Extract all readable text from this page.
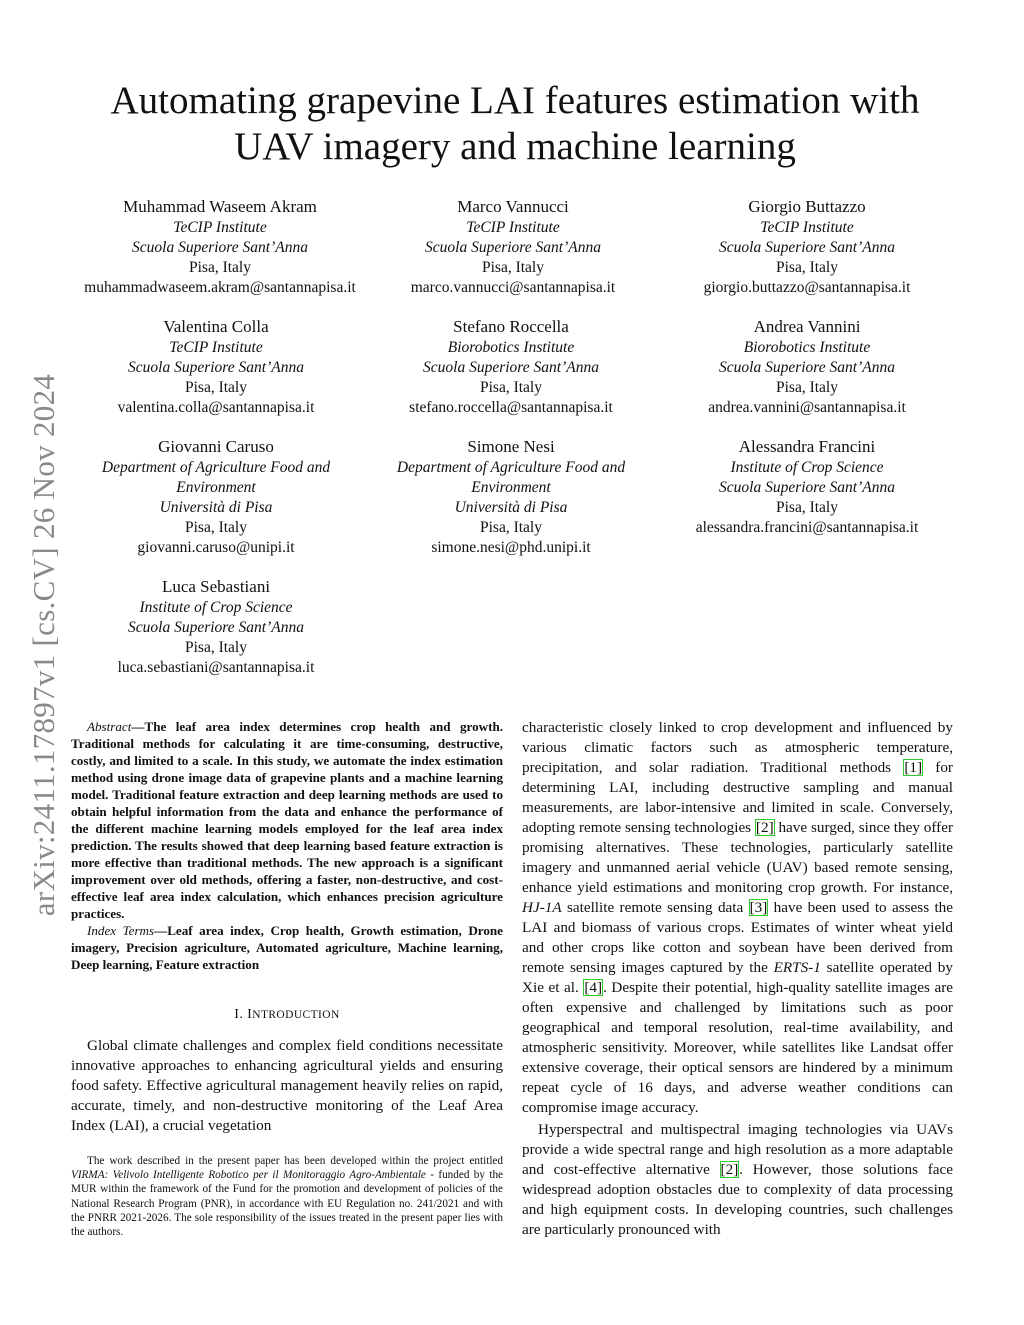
arXiv:2411.17897v1 [cs.CV] 26 Nov 2024
Automating grapevine LAI features estimation with
UAV imagery and machine learning
Muhammad Waseem Akram
TeCIP Institute
Scuola Superiore Sant’Anna
Pisa, Italy
muhammadwaseem.akram@santannapisa.it
Marco Vannucci
TeCIP Institute
Scuola Superiore Sant’Anna
Pisa, Italy
marco.vannucci@santannapisa.it
Giorgio Buttazzo
TeCIP Institute
Scuola Superiore Sant’Anna
Pisa, Italy
giorgio.buttazzo@santannapisa.it
Valentina Colla
TeCIP Institute
Scuola Superiore Sant’Anna
Pisa, Italy
valentina.colla@santannapisa.it
Stefano Roccella
Biorobotics Institute
Scuola Superiore Sant’Anna
Pisa, Italy
stefano.roccella@santannapisa.it
Andrea Vannini
Biorobotics Institute
Scuola Superiore Sant’Anna
Pisa, Italy
andrea.vannini@santannapisa.it
Giovanni Caruso
Department of Agriculture Food and
Environment
Università di Pisa
Pisa, Italy
giovanni.caruso@unipi.it
Simone Nesi
Department of Agriculture Food and
Environment
Università di Pisa
Pisa, Italy
simone.nesi@phd.unipi.it
Alessandra Francini
Institute of Crop Science
Scuola Superiore Sant’Anna
Pisa, Italy
alessandra.francini@santannapisa.it
Luca Sebastiani
Institute of Crop Science
Scuola Superiore Sant’Anna
Pisa, Italy
luca.sebastiani@santannapisa.it

Abstract—The leaf area index determines crop health and growth. Traditional methods for calculating it are time-consuming, destructive, costly, and limited to a scale. In this study, we automate the index estimation method using drone image data of grapevine plants and a machine learning model. Traditional feature extraction and deep learning methods are used to obtain helpful information from the data and enhance the performance of the different machine learning models employed for the leaf area index prediction. The results showed that deep learning based feature extraction is more effective than traditional methods. The new approach is a significant improvement over old methods, offering a faster, non-destructive, and cost-effective leaf area index calculation, which enhances precision agriculture practices.

Index Terms—Leaf area index, Crop health, Growth estimation, Drone imagery, Precision agriculture, Automated agriculture, Machine learning, Deep learning, Feature extraction

I. INTRODUCTION

Global climate challenges and complex field conditions necessitate innovative approaches to enhancing agricultural yields and ensuring food safety. Effective agricultural management heavily relies on rapid, accurate, timely, and non-destructive monitoring of the Leaf Area Index (LAI), a crucial vegetation

The work described in the present paper has been developed within the project entitled VIRMA: Velivolo Intelligente Robotico per il Monitoraggio Agro-Ambientale - funded by the MUR within the framework of the Fund for the promotion and development of policies of the National Research Program (PNR), in accordance with EU Regulation no. 241/2021 and with the PNRR 2021-2026. The sole responsibility of the issues treated in the present paper lies with the authors.

characteristic closely linked to crop development and influenced by various climatic factors such as atmospheric temperature, precipitation, and solar radiation. Traditional methods [1] for determining LAI, including destructive sampling and manual measurements, are labor-intensive and limited in scale. Conversely, adopting remote sensing technologies [2] have surged, since they offer promising alternatives. These technologies, particularly satellite imagery and unmanned aerial vehicle (UAV) based remote sensing, enhance yield estimations and monitoring crop growth. For instance, HJ-1A satellite remote sensing data [3] have been used to assess the LAI and biomass of various crops. Estimates of winter wheat yield and other crops like cotton and soybean have been derived from remote sensing images captured by the ERTS-1 satellite operated by Xie et al. [4]. Despite their potential, high-quality satellite images are often expensive and challenged by limitations such as poor geographical and temporal resolution, real-time availability, and atmospheric sensitivity. Moreover, while satellites like Landsat offer extensive coverage, their optical sensors are hindered by a minimum repeat cycle of 16 days, and adverse weather conditions can compromise image accuracy.

Hyperspectral and multispectral imaging technologies via UAVs provide a wide spectral range and high resolution as a more adaptable and cost-effective alternative [2]. However, those solutions face widespread adoption obstacles due to complexity of data processing and high equipment costs. In developing countries, such challenges are particularly pronounced with
